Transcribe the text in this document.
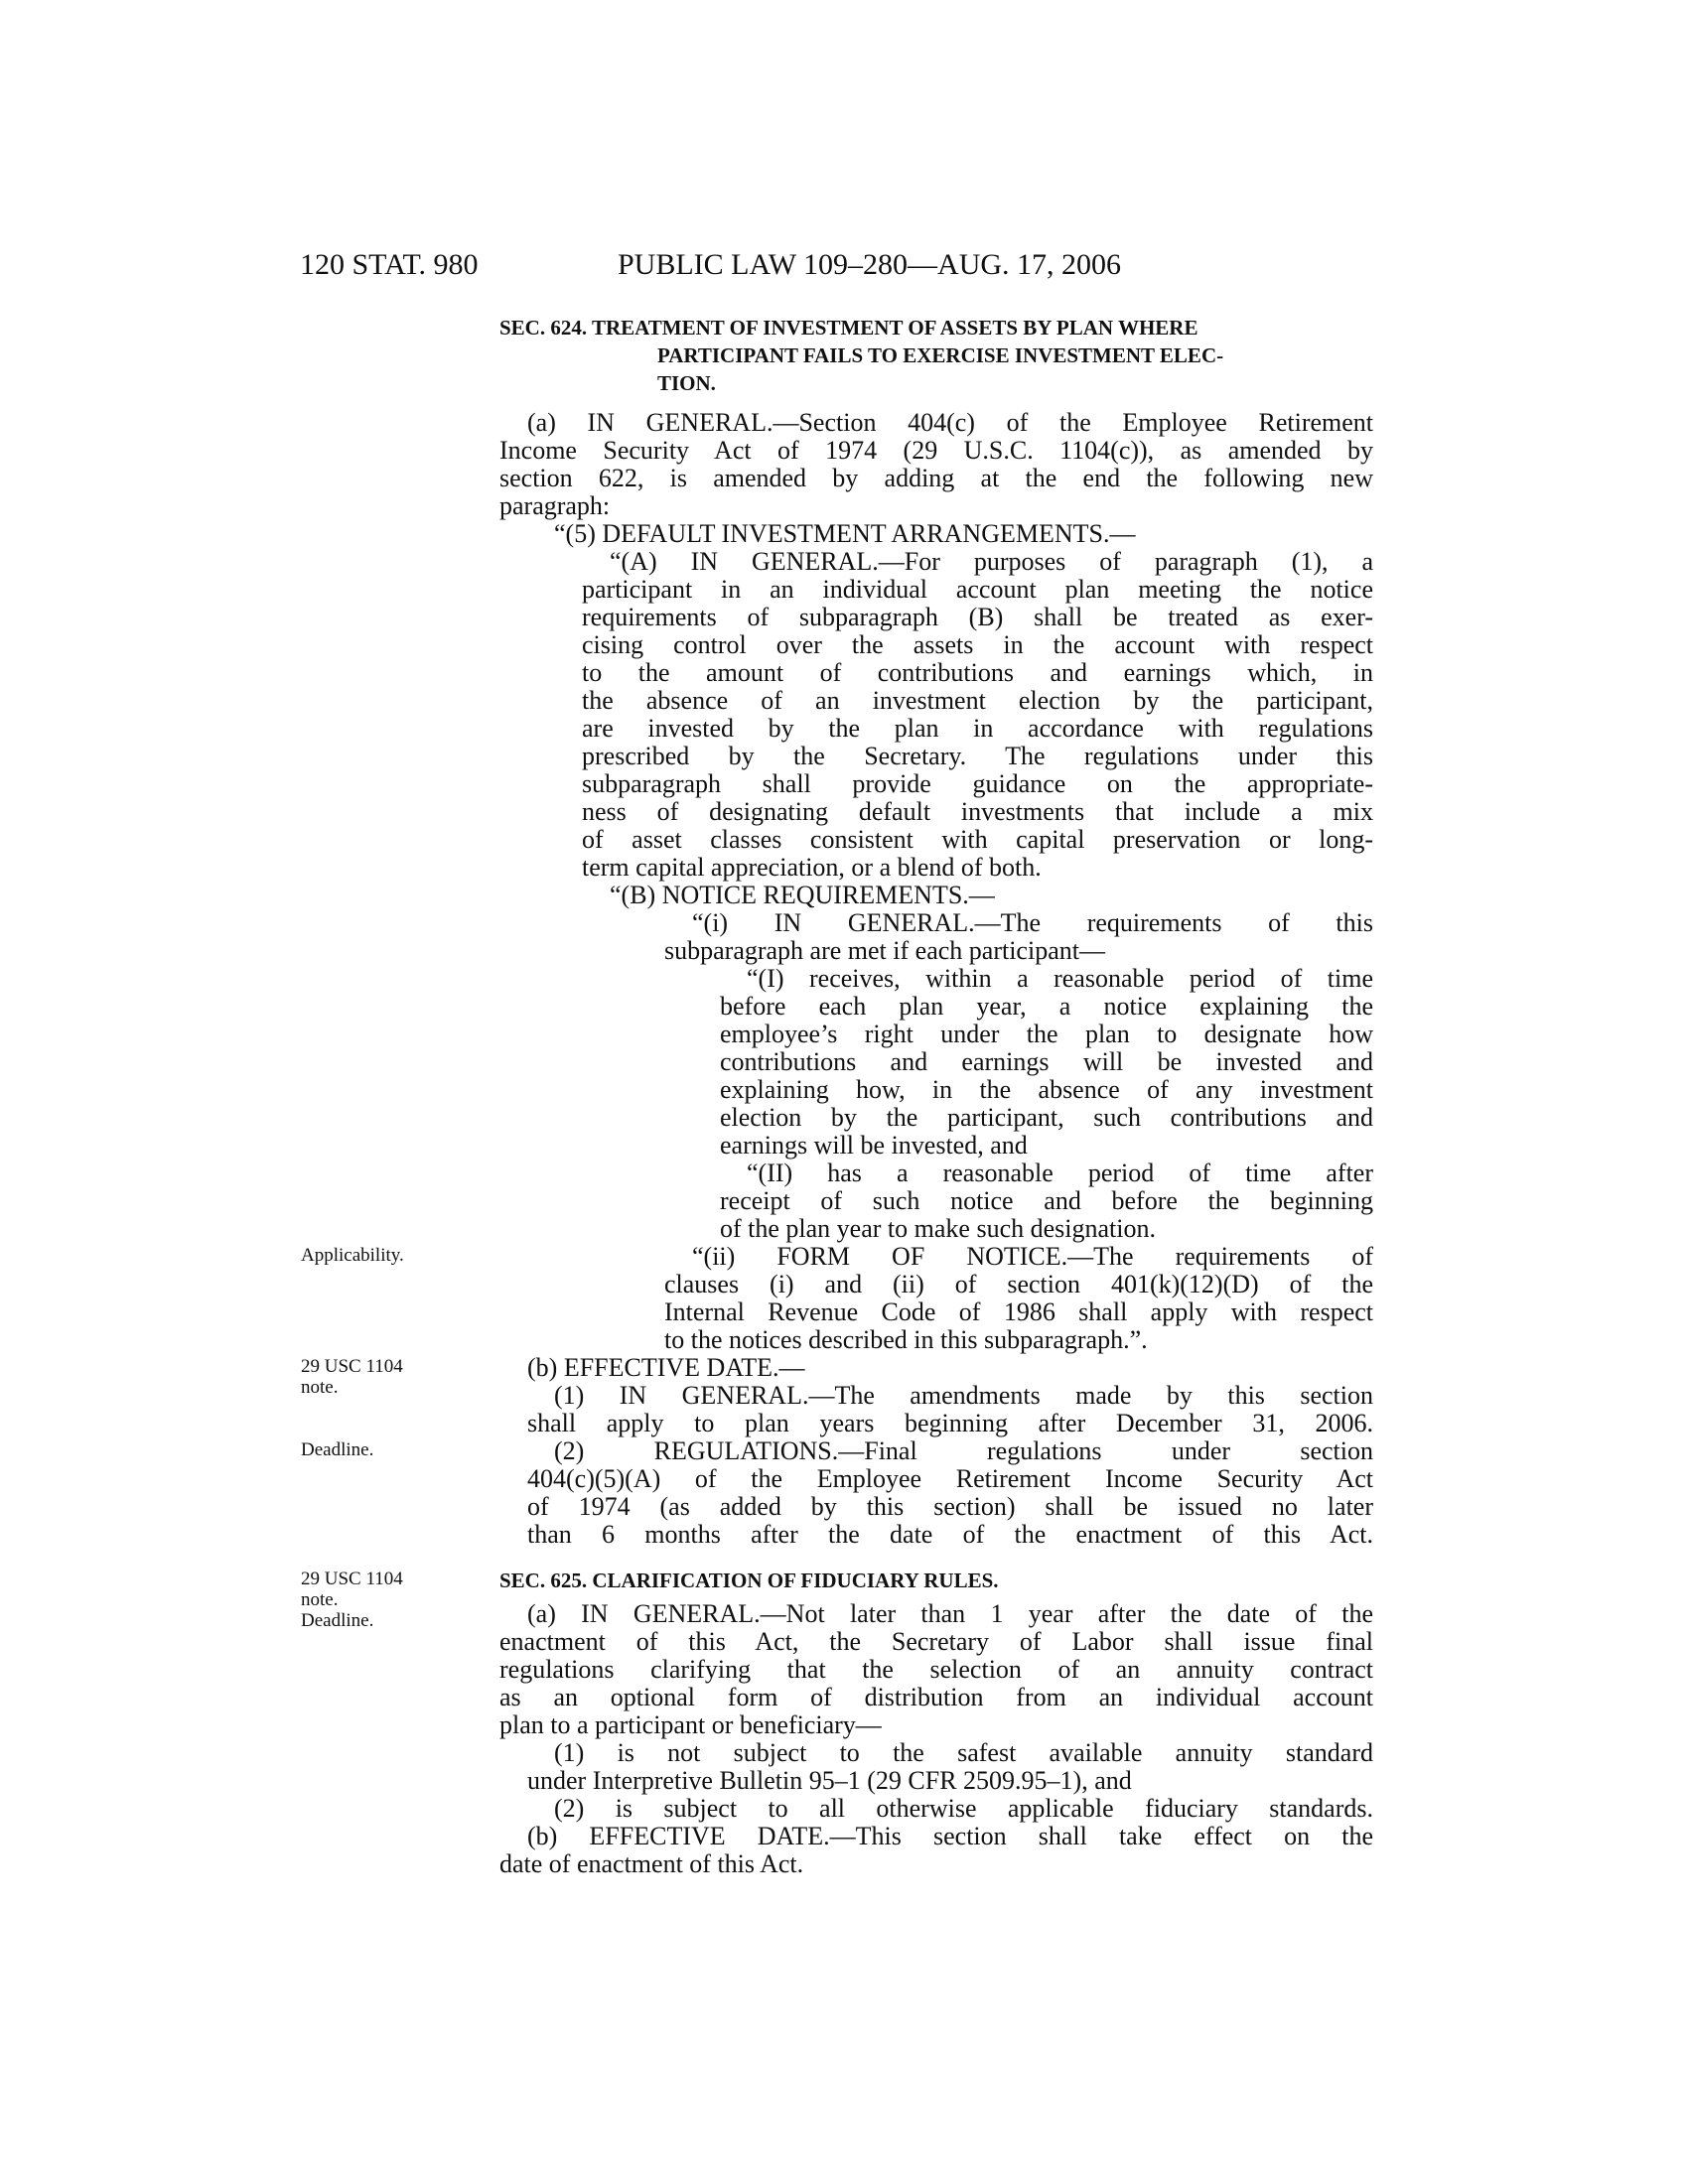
120 STAT. 980	PUBLIC LAW 109–280—AUG. 17, 2006
SEC. 624. TREATMENT OF INVESTMENT OF ASSETS BY PLAN WHERE
PARTICIPANT FAILS TO EXERCISE INVESTMENT ELEC-
TION.
(a) IN GENERAL.—Section 404(c) of the Employee Retirement
Income Security Act of 1974 (29 U.S.C. 1104(c)), as amended by
section 622, is amended by adding at the end the following new
paragraph:
“(5) DEFAULT INVESTMENT ARRANGEMENTS.—
“(A) IN GENERAL.—For purposes of paragraph (1), a
participant in an individual account plan meeting the notice
requirements of subparagraph (B) shall be treated as exer-
cising control over the assets in the account with respect
to the amount of contributions and earnings which, in
the absence of an investment election by the participant,
are invested by the plan in accordance with regulations
prescribed by the Secretary. The regulations under this
subparagraph shall provide guidance on the appropriate-
ness of designating default investments that include a mix
of asset classes consistent with capital preservation or long-
term capital appreciation, or a blend of both.
“(B) NOTICE REQUIREMENTS.—
“(i) IN GENERAL.—The requirements of this
subparagraph are met if each participant—
“(I) receives, within a reasonable period of time
before each plan year, a notice explaining the
employee’s right under the plan to designate how
contributions and earnings will be invested and
explaining how, in the absence of any investment
election by the participant, such contributions and
earnings will be invested, and
“(II) has a reasonable period of time after
receipt of such notice and before the beginning
of the plan year to make such designation.
“(ii) FORM OF NOTICE.—The requirements of
clauses (i) and (ii) of section 401(k)(12)(D) of the
Internal Revenue Code of 1986 shall apply with respect
to the notices described in this subparagraph.”.
(b) EFFECTIVE DATE.—
(1) IN GENERAL.—The amendments made by this section
shall apply to plan years beginning after December 31, 2006.
(2) REGULATIONS.—Final regulations under section
404(c)(5)(A) of the Employee Retirement Income Security Act
of 1974 (as added by this section) shall be issued no later
than 6 months after the date of the enactment of this Act.
SEC. 625. CLARIFICATION OF FIDUCIARY RULES.
(a) IN GENERAL.—Not later than 1 year after the date of the
enactment of this Act, the Secretary of Labor shall issue final
regulations clarifying that the selection of an annuity contract
as an optional form of distribution from an individual account
plan to a participant or beneficiary—
(1) is not subject to the safest available annuity standard
under Interpretive Bulletin 95–1 (29 CFR 2509.95–1), and
(2) is subject to all otherwise applicable fiduciary standards.
(b) EFFECTIVE DATE.—This section shall take effect on the
date of enactment of this Act.
Applicability.
29 USC 1104
note.
Deadline.
29 USC 1104
note.
Deadline.
